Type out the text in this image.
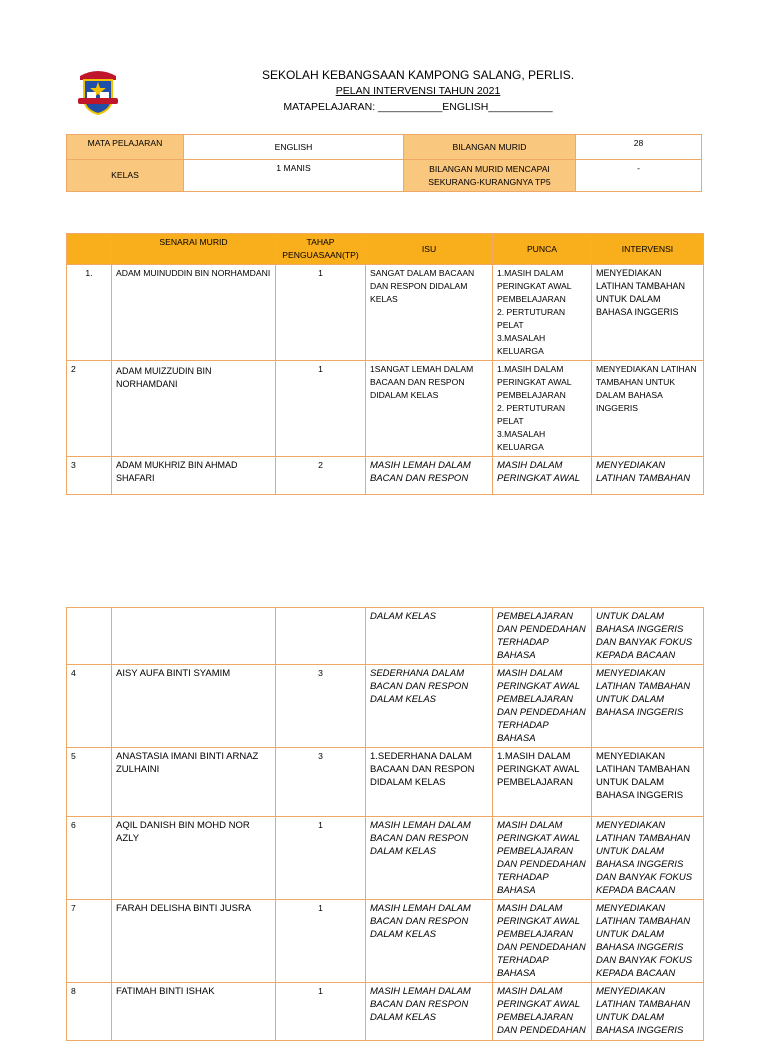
SEKOLAH KEBANGSAAN KAMPONG SALANG, PERLIS.
PELAN INTERVENSI TAHUN 2021
MATAPELAJARAN: ___________ENGLISH___________
MATA PELAJARAN	ENGLISH	BILANGAN MURID	28
KELAS	1 MANIS	BILANGAN MURID MENCAPAI SEKURANG-KURANGNYA TP5	-
	SENARAI MURID	TAHAP PENGUASAAN(TP)	ISU	PUNCA	INTERVENSI
1.	ADAM MUINUDDIN BIN NORHAMDANI	1	SANGAT DALAM BACAAN DAN RESPON DIDALAM KELAS	1.MASIH DALAM PERINGKAT AWAL PEMBELAJARAN
2. PERTUTURAN PELAT
3.MASALAH KELUARGA	MENYEDIAKAN LATIHAN TAMBAHAN UNTUK DALAM BAHASA INGGERIS
2	ADAM MUIZZUDIN BIN NORHAMDANI	1	1SANGAT LEMAH DALAM BACAAN DAN RESPON DIDALAM KELAS	1.MASIH DALAM PERINGKAT AWAL PEMBELAJARAN
2. PERTUTURAN PELAT
3.MASALAH KELUARGA	MENYEDIAKAN LATIHAN TAMBAHAN UNTUK DALAM BAHASA INGGERIS
3	ADAM MUKHRIZ BIN AHMAD SHAFARI	2	MASIH LEMAH DALAM BACAN DAN RESPON	MASIH DALAM PERINGKAT AWAL	MENYEDIAKAN LATIHAN TAMBAHAN
			DALAM KELAS	PEMBELAJARAN DAN PENDEDAHAN TERHADAP BAHASA	UNTUK DALAM BAHASA INGGERIS DAN BANYAK FOKUS KEPADA BACAAN
4	AISY AUFA BINTI SYAMIM	3	SEDERHANA DALAM BACAN DAN RESPON DALAM KELAS	MASIH DALAM PERINGKAT AWAL PEMBELAJARAN DAN PENDEDAHAN TERHADAP BAHASA	MENYEDIAKAN LATIHAN TAMBAHAN UNTUK DALAM BAHASA INGGERIS
5	ANASTASIA IMANI BINTI ARNAZ ZULHAINI	3	1.SEDERHANA DALAM BACAAN DAN RESPON DIDALAM KELAS	1.MASIH DALAM PERINGKAT AWAL PEMBELAJARAN	MENYEDIAKAN LATIHAN TAMBAHAN UNTUK DALAM BAHASA INGGERIS
6	AQIL DANISH BIN MOHD NOR AZLY	1	MASIH LEMAH DALAM BACAN DAN RESPON DALAM KELAS	MASIH DALAM PERINGKAT AWAL PEMBELAJARAN DAN PENDEDAHAN TERHADAP BAHASA	MENYEDIAKAN LATIHAN TAMBAHAN UNTUK DALAM BAHASA INGGERIS DAN BANYAK FOKUS KEPADA BACAAN
7	FARAH DELISHA BINTI JUSRA	1	MASIH LEMAH DALAM BACAN DAN RESPON DALAM KELAS	MASIH DALAM PERINGKAT AWAL PEMBELAJARAN DAN PENDEDAHAN TERHADAP BAHASA	MENYEDIAKAN LATIHAN TAMBAHAN UNTUK DALAM BAHASA INGGERIS DAN BANYAK FOKUS KEPADA BACAAN
8	FATIMAH BINTI ISHAK	1	MASIH LEMAH DALAM BACAN DAN RESPON DALAM KELAS	MASIH DALAM PERINGKAT AWAL PEMBELAJARAN DAN PENDEDAHAN	MENYEDIAKAN LATIHAN TAMBAHAN UNTUK DALAM BAHASA INGGERIS
